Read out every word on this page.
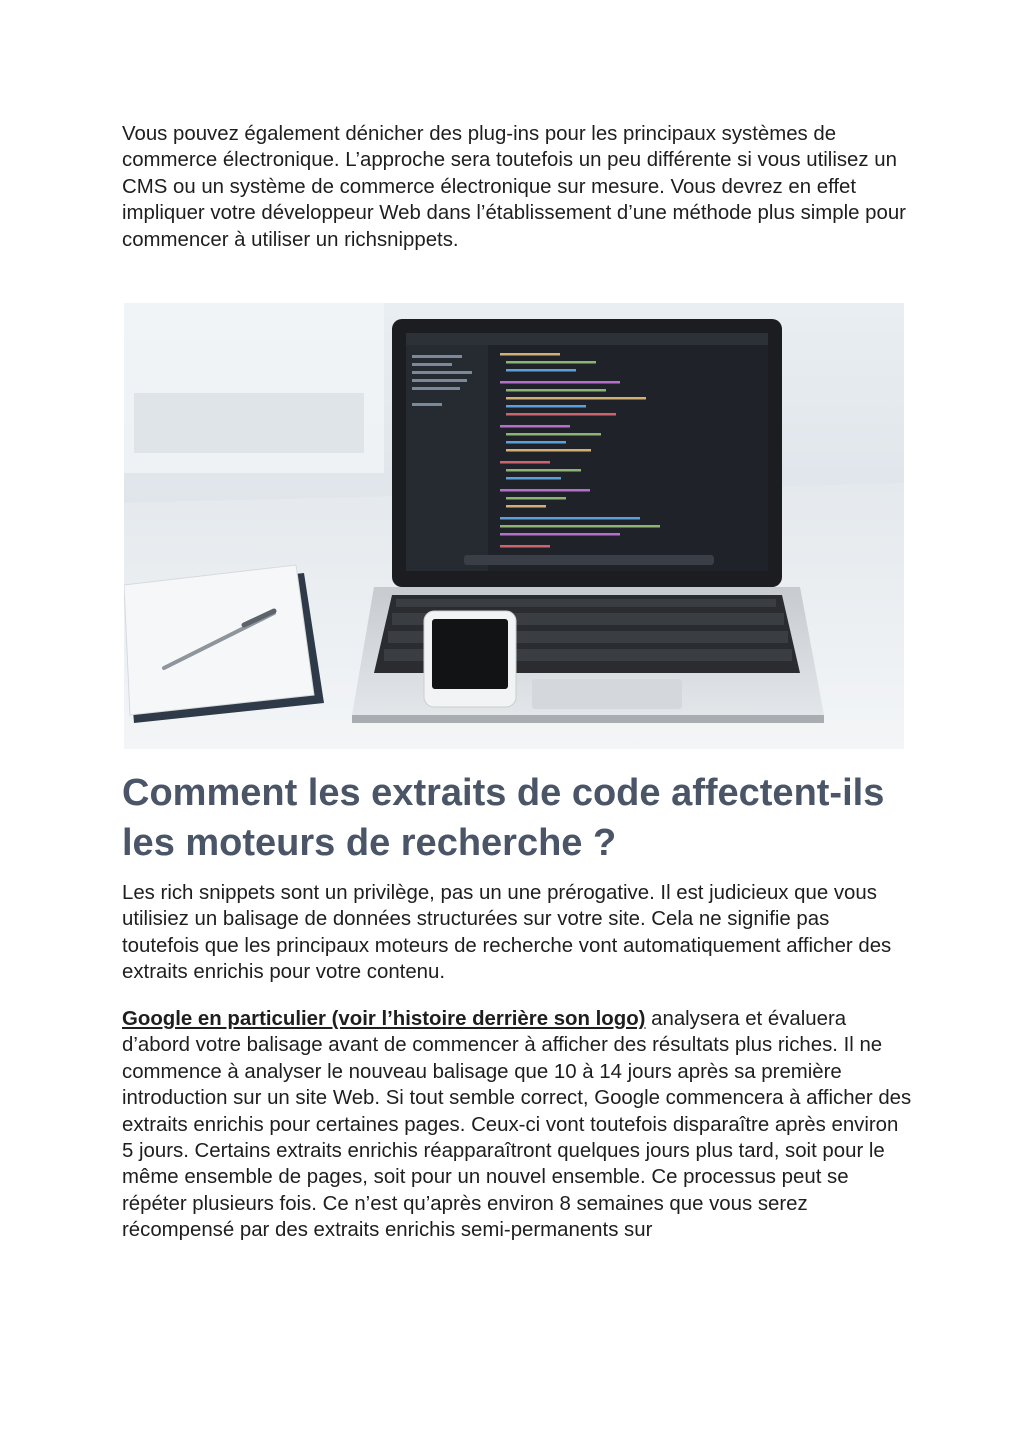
Vous pouvez également dénicher des plug-ins pour les principaux systèmes de commerce électronique. L’approche sera toutefois un peu différente si vous utilisez un CMS ou un système de commerce électronique sur mesure. Vous devrez en effet impliquer votre développeur Web dans l’établissement d’une méthode plus simple pour commencer à utiliser un richsnippets.

Comment les extraits de code affectent-ils les moteurs de recherche ?

Les rich snippets sont un privilège, pas un une prérogative. Il est judicieux que vous utilisiez un balisage de données structurées sur votre site. Cela ne signifie pas toutefois que les principaux moteurs de recherche vont automatiquement afficher des extraits enrichis pour votre contenu.

Google en particulier (voir l’histoire derrière son logo) analysera et évaluera d’abord votre balisage avant de commencer à afficher des résultats plus riches. Il ne commence à analyser le nouveau balisage que 10 à 14 jours après sa première introduction sur un site Web. Si tout semble correct, Google commencera à afficher des extraits enrichis pour certaines pages. Ceux-ci vont toutefois disparaître après environ 5 jours. Certains extraits enrichis réapparaîtront quelques jours plus tard, soit pour le même ensemble de pages, soit pour un nouvel ensemble. Ce processus peut se répéter plusieurs fois. Ce n’est qu’après environ 8 semaines que vous serez récompensé par des extraits enrichis semi-permanents sur
